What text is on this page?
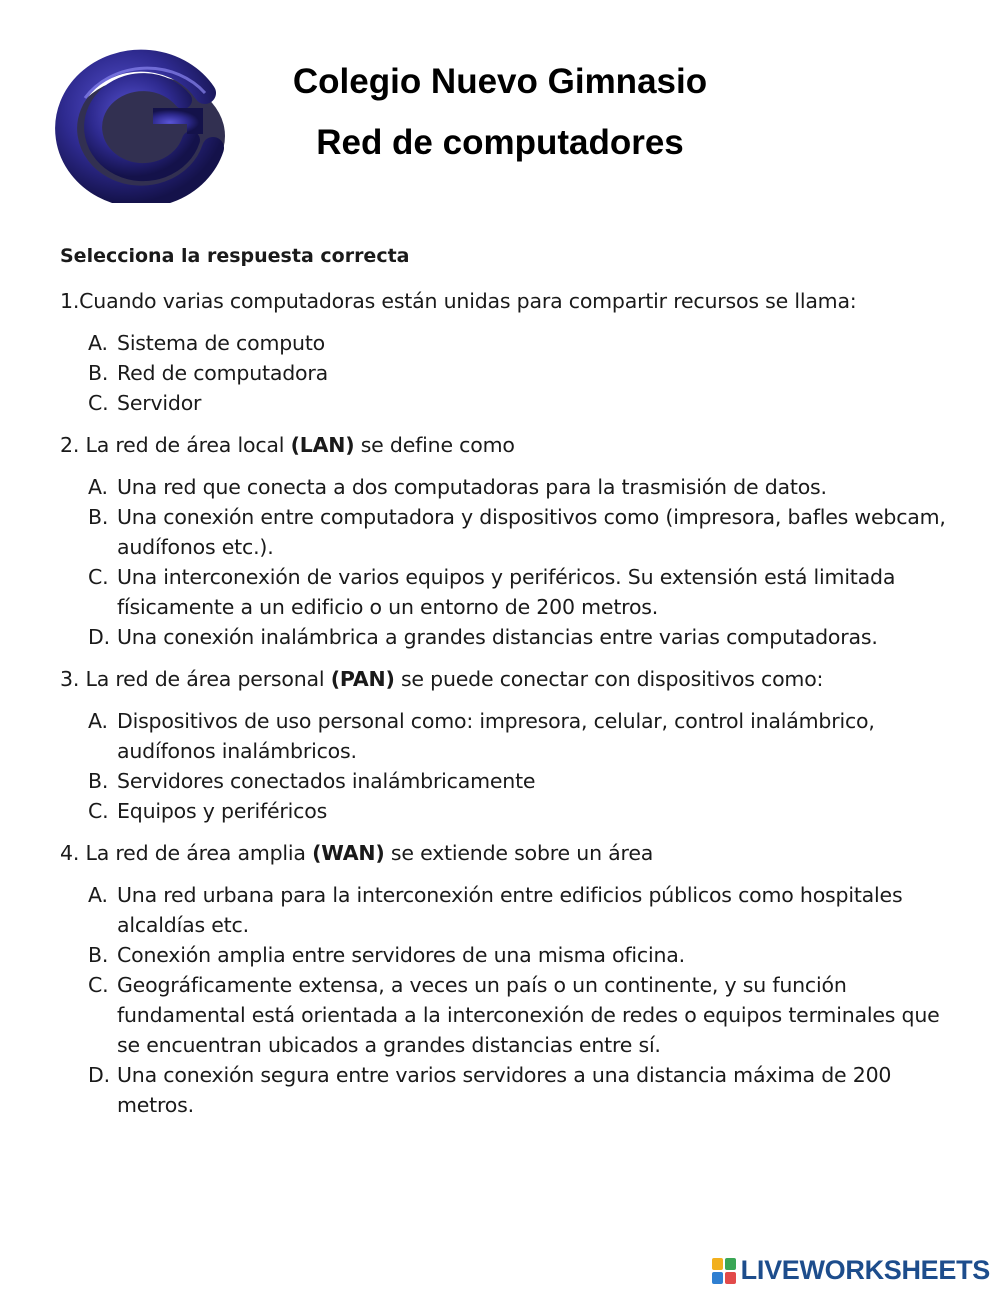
Colegio Nuevo Gimnasio
Red de computadores

Selecciona la respuesta correcta

1.Cuando varias computadoras están unidas para compartir recursos se llama:

A. Sistema de computo
B. Red de computadora
C. Servidor

2. La red de área local (LAN) se define como

A. Una red que conecta a dos computadoras para la trasmisión de datos.
B. Una conexión entre computadora y dispositivos como (impresora, bafles webcam, audífonos etc.).
C. Una interconexión de varios equipos y periféricos. Su extensión está limitada físicamente a un edificio o un entorno de 200 metros.
D. Una conexión inalámbrica a grandes distancias entre varias computadoras.

3. La red de área personal (PAN) se puede conectar con dispositivos como:

A. Dispositivos de uso personal como: impresora, celular, control inalámbrico, audífonos inalámbricos.
B. Servidores conectados inalámbricamente
C. Equipos y periféricos

4. La red de área amplia (WAN) se extiende sobre un área

A. Una red urbana para la interconexión entre edificios públicos como hospitales alcaldías etc.
B. Conexión amplia entre servidores de una misma oficina.
C. Geográficamente extensa, a veces un país o un continente, y su función fundamental está orientada a la interconexión de redes o equipos terminales que se encuentran ubicados a grandes distancias entre sí.
D. Una conexión segura entre varios servidores a una distancia máxima de 200 metros.
LIVEWORKSHEETS
